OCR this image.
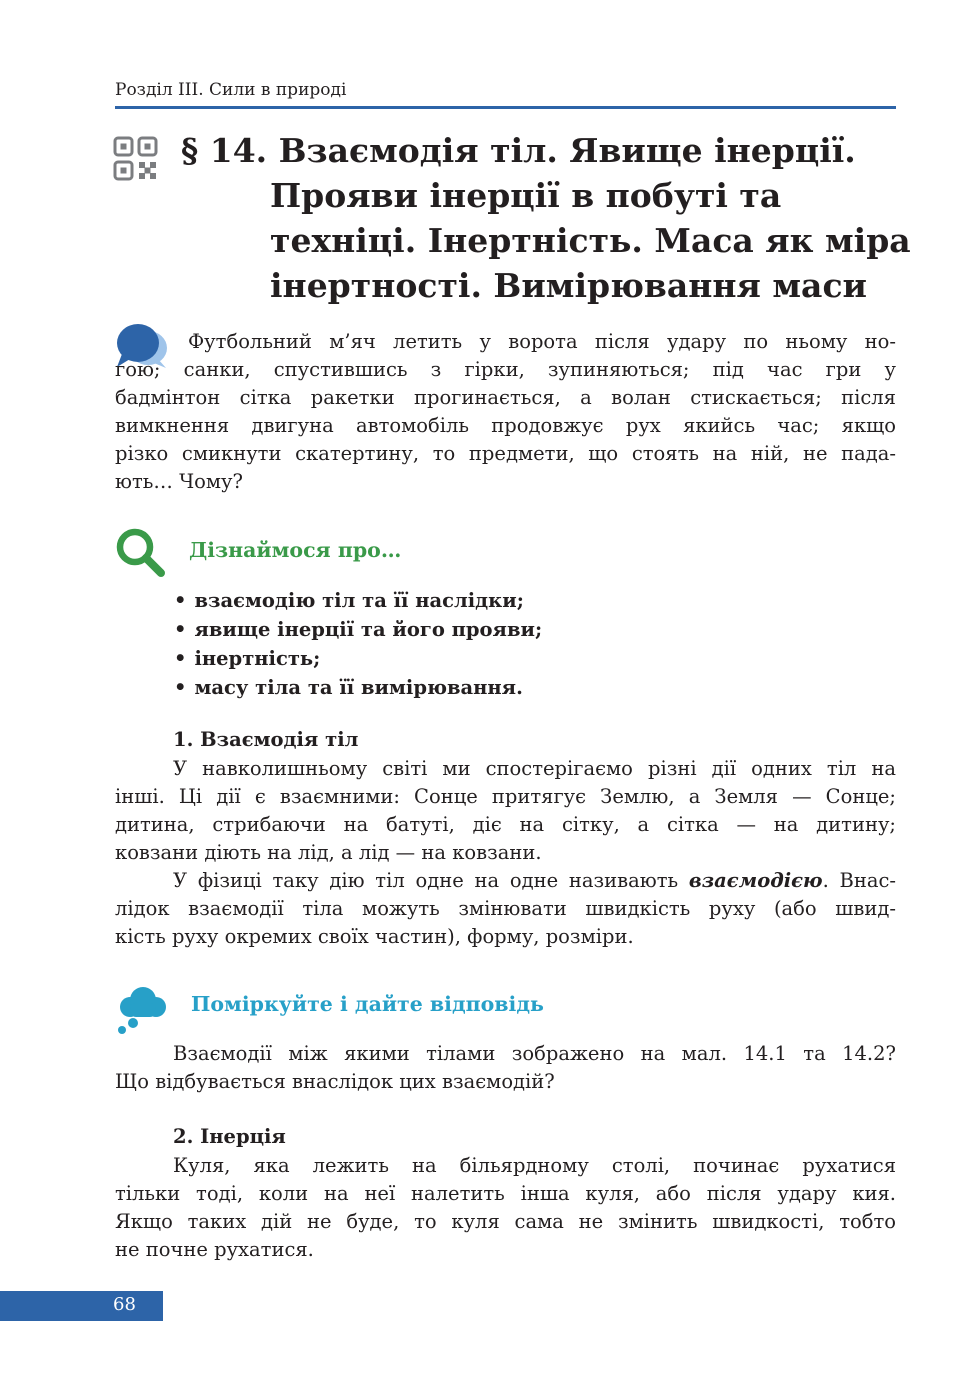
Розділ ІІІ. Сили в природі
§ 14. Взаємодія тіл. Явище інерції.
Прояви інерції в побуті та
техніці. Інертність. Маса як міра
інертності. Вимірювання маси
Футбольний м’яч летить у ворота після удару по ньому но-
гою; санки, спустившись з гірки, зупиняються; під час гри у
бадмінтон сітка ракетки прогинається, а волан стискається; після
вимкнення двигуна автомобіль продовжує рух якийсь час; якщо
різко смикнути скатертину, то предмети, що стоять на ній, не пада-
ють… Чому?
Дізнаймося про…
• взаємодію тіл та її наслідки;
• явище інерції та його прояви;
• інертність;
• масу тіла та її вимірювання.
1. Взаємодія тіл
У навколишньому світі ми спостерігаємо різні дії одних тіл на
інші. Ці дії є взаємними: Сонце притягує Землю, а Земля — Сонце;
дитина, стрибаючи на батуті, діє на сітку, а сітка — на дитину;
ковзани діють на лід, а лід — на ковзани.
У фізиці таку дію тіл одне на одне називають взаємодією. Внас-
лідок взаємодії тіла можуть змінювати швидкість руху (або швид-
кість руху окремих своїх частин), форму, розміри.
Поміркуйте і дайте відповідь
Взаємодії між якими тілами зображено на мал. 14.1 та 14.2?
Що відбувається внаслідок цих взаємодій?
2. Інерція
Куля, яка лежить на більярдному столі, починає рухатися
тільки тоді, коли на неї налетить інша куля, або після удару кия.
Якщо таких дій не буде, то куля сама не змінить швидкості, тобто
не почне рухатися.
68
